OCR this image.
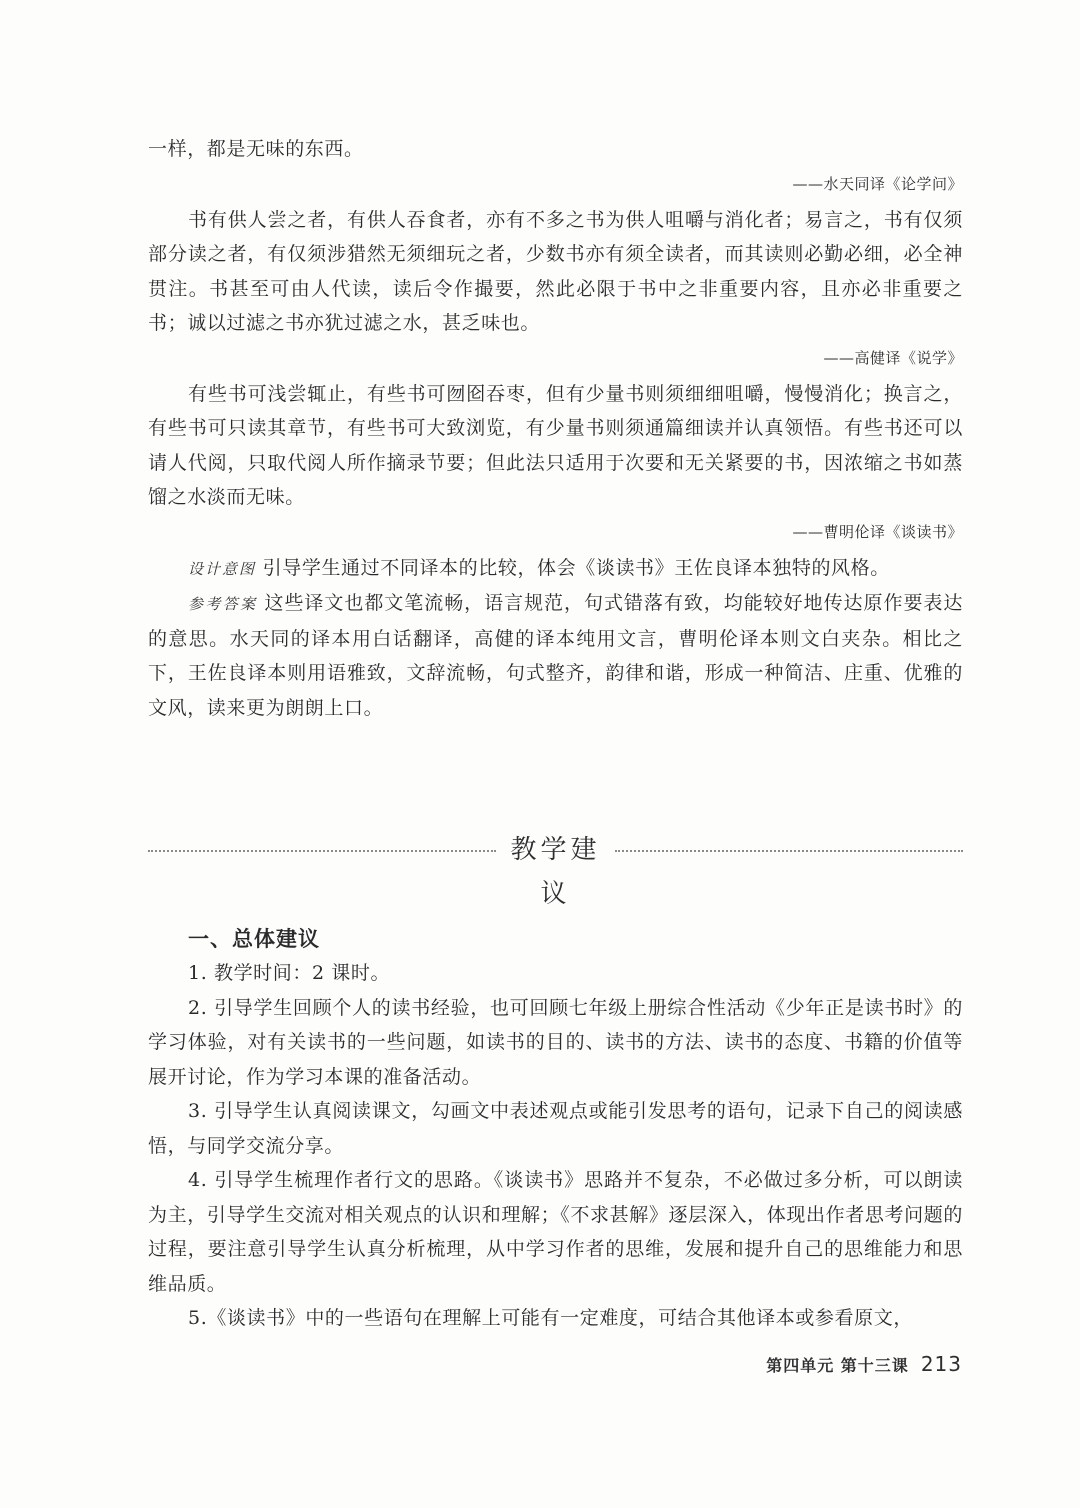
一样，都是无味的东西。

——水天同译《论学问》

书有供人尝之者，有供人吞食者，亦有不多之书为供人咀嚼与消化者；易言之，书有仅须部分读之者，有仅须涉猎然无须细玩之者，少数书亦有须全读者，而其读则必勤必细，必全神贯注。书甚至可由人代读，读后令作撮要，然此必限于书中之非重要内容，且亦必非重要之书；诚以过滤之书亦犹过滤之水，甚乏味也。

——高健译《说学》

有些书可浅尝辄止，有些书可囫囵吞枣，但有少量书则须细细咀嚼，慢慢消化；换言之，有些书可只读其章节，有些书可大致浏览，有少量书则须通篇细读并认真领悟。有些书还可以请人代阅，只取代阅人所作摘录节要；但此法只适用于次要和无关紧要的书，因浓缩之书如蒸馏之水淡而无味。

——曹明伦译《谈读书》

设计意图 引导学生通过不同译本的比较，体会《谈读书》王佐良译本独特的风格。

参考答案 这些译文也都文笔流畅，语言规范，句式错落有致，均能较好地传达原作要表达的意思。水天同的译本用白话翻译，高健的译本纯用文言，曹明伦译本则文白夹杂。相比之下，王佐良译本则用语雅致，文辞流畅，句式整齐，韵律和谐，形成一种简洁、庄重、优雅的文风，读来更为朗朗上口。

教学建议
一、总体建议

1. 教学时间：2 课时。

2. 引导学生回顾个人的读书经验，也可回顾七年级上册综合性活动《少年正是读书时》的学习体验，对有关读书的一些问题，如读书的目的、读书的方法、读书的态度、书籍的价值等展开讨论，作为学习本课的准备活动。

3. 引导学生认真阅读课文，勾画文中表述观点或能引发思考的语句，记录下自己的阅读感悟，与同学交流分享。

4. 引导学生梳理作者行文的思路。《谈读书》思路并不复杂，不必做过多分析，可以朗读为主，引导学生交流对相关观点的认识和理解；《不求甚解》逐层深入，体现出作者思考问题的过程，要注意引导学生认真分析梳理，从中学习作者的思维，发展和提升自己的思维能力和思维品质。

5.《谈读书》中的一些语句在理解上可能有一定难度，可结合其他译本或参看原文，

第四单元 第十三课 213
